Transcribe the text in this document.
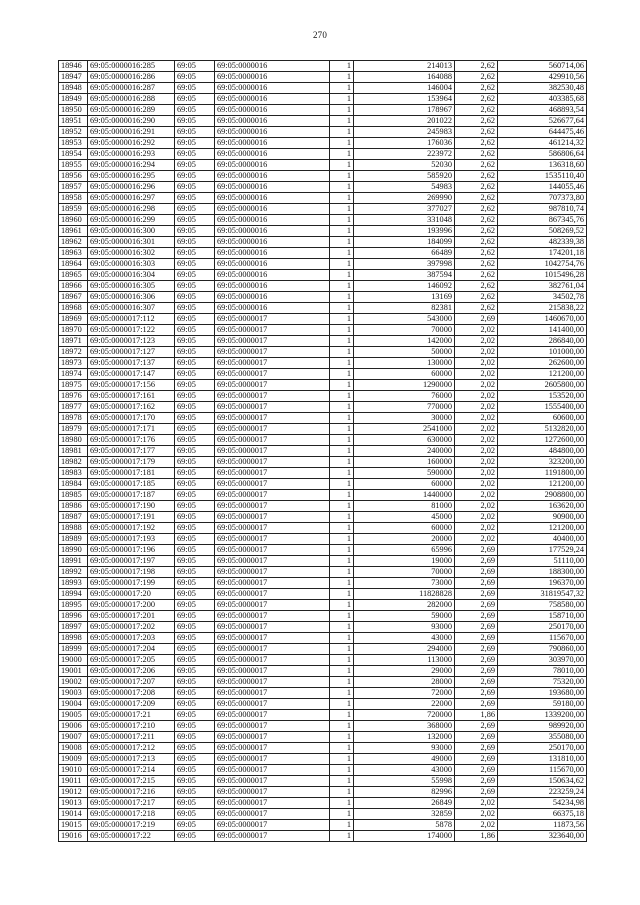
270
18946	69:05:0000016:285	69:05	69:05:0000016	1	214013	2,62	560714,06
18947	69:05:0000016:286	69:05	69:05:0000016	1	164088	2,62	429910,56
18948	69:05:0000016:287	69:05	69:05:0000016	1	146004	2,62	382530,48
18949	69:05:0000016:288	69:05	69:05:0000016	1	153964	2,62	403385,68
18950	69:05:0000016:289	69:05	69:05:0000016	1	178967	2,62	468893,54
18951	69:05:0000016:290	69:05	69:05:0000016	1	201022	2,62	526677,64
18952	69:05:0000016:291	69:05	69:05:0000016	1	245983	2,62	644475,46
18953	69:05:0000016:292	69:05	69:05:0000016	1	176036	2,62	461214,32
18954	69:05:0000016:293	69:05	69:05:0000016	1	223972	2,62	586806,64
18955	69:05:0000016:294	69:05	69:05:0000016	1	52030	2,62	136318,60
18956	69:05:0000016:295	69:05	69:05:0000016	1	585920	2,62	1535110,40
18957	69:05:0000016:296	69:05	69:05:0000016	1	54983	2,62	144055,46
18958	69:05:0000016:297	69:05	69:05:0000016	1	269990	2,62	707373,80
18959	69:05:0000016:298	69:05	69:05:0000016	1	377027	2,62	987810,74
18960	69:05:0000016:299	69:05	69:05:0000016	1	331048	2,62	867345,76
18961	69:05:0000016:300	69:05	69:05:0000016	1	193996	2,62	508269,52
18962	69:05:0000016:301	69:05	69:05:0000016	1	184099	2,62	482339,38
18963	69:05:0000016:302	69:05	69:05:0000016	1	66489	2,62	174201,18
18964	69:05:0000016:303	69:05	69:05:0000016	1	397998	2,62	1042754,76
18965	69:05:0000016:304	69:05	69:05:0000016	1	387594	2,62	1015496,28
18966	69:05:0000016:305	69:05	69:05:0000016	1	146092	2,62	382761,04
18967	69:05:0000016:306	69:05	69:05:0000016	1	13169	2,62	34502,78
18968	69:05:0000016:307	69:05	69:05:0000016	1	82381	2,62	215838,22
18969	69:05:0000017:112	69:05	69:05:0000017	1	543000	2,69	1460670,00
18970	69:05:0000017:122	69:05	69:05:0000017	1	70000	2,02	141400,00
18971	69:05:0000017:123	69:05	69:05:0000017	1	142000	2,02	286840,00
18972	69:05:0000017:127	69:05	69:05:0000017	1	50000	2,02	101000,00
18973	69:05:0000017:137	69:05	69:05:0000017	1	130000	2,02	262600,00
18974	69:05:0000017:147	69:05	69:05:0000017	1	60000	2,02	121200,00
18975	69:05:0000017:156	69:05	69:05:0000017	1	1290000	2,02	2605800,00
18976	69:05:0000017:161	69:05	69:05:0000017	1	76000	2,02	153520,00
18977	69:05:0000017:162	69:05	69:05:0000017	1	770000	2,02	1555400,00
18978	69:05:0000017:170	69:05	69:05:0000017	1	30000	2,02	60600,00
18979	69:05:0000017:171	69:05	69:05:0000017	1	2541000	2,02	5132820,00
18980	69:05:0000017:176	69:05	69:05:0000017	1	630000	2,02	1272600,00
18981	69:05:0000017:177	69:05	69:05:0000017	1	240000	2,02	484800,00
18982	69:05:0000017:179	69:05	69:05:0000017	1	160000	2,02	323200,00
18983	69:05:0000017:181	69:05	69:05:0000017	1	590000	2,02	1191800,00
18984	69:05:0000017:185	69:05	69:05:0000017	1	60000	2,02	121200,00
18985	69:05:0000017:187	69:05	69:05:0000017	1	1440000	2,02	2908800,00
18986	69:05:0000017:190	69:05	69:05:0000017	1	81000	2,02	163620,00
18987	69:05:0000017:191	69:05	69:05:0000017	1	45000	2,02	90900,00
18988	69:05:0000017:192	69:05	69:05:0000017	1	60000	2,02	121200,00
18989	69:05:0000017:193	69:05	69:05:0000017	1	20000	2,02	40400,00
18990	69:05:0000017:196	69:05	69:05:0000017	1	65996	2,69	177529,24
18991	69:05:0000017:197	69:05	69:05:0000017	1	19000	2,69	51110,00
18992	69:05:0000017:198	69:05	69:05:0000017	1	70000	2,69	188300,00
18993	69:05:0000017:199	69:05	69:05:0000017	1	73000	2,69	196370,00
18994	69:05:0000017:20	69:05	69:05:0000017	1	11828828	2,69	31819547,32
18995	69:05:0000017:200	69:05	69:05:0000017	1	282000	2,69	758580,00
18996	69:05:0000017:201	69:05	69:05:0000017	1	59000	2,69	158710,00
18997	69:05:0000017:202	69:05	69:05:0000017	1	93000	2,69	250170,00
18998	69:05:0000017:203	69:05	69:05:0000017	1	43000	2,69	115670,00
18999	69:05:0000017:204	69:05	69:05:0000017	1	294000	2,69	790860,00
19000	69:05:0000017:205	69:05	69:05:0000017	1	113000	2,69	303970,00
19001	69:05:0000017:206	69:05	69:05:0000017	1	29000	2,69	78010,00
19002	69:05:0000017:207	69:05	69:05:0000017	1	28000	2,69	75320,00
19003	69:05:0000017:208	69:05	69:05:0000017	1	72000	2,69	193680,00
19004	69:05:0000017:209	69:05	69:05:0000017	1	22000	2,69	59180,00
19005	69:05:0000017:21	69:05	69:05:0000017	1	720000	1,86	1339200,00
19006	69:05:0000017:210	69:05	69:05:0000017	1	368000	2,69	989920,00
19007	69:05:0000017:211	69:05	69:05:0000017	1	132000	2,69	355080,00
19008	69:05:0000017:212	69:05	69:05:0000017	1	93000	2,69	250170,00
19009	69:05:0000017:213	69:05	69:05:0000017	1	49000	2,69	131810,00
19010	69:05:0000017:214	69:05	69:05:0000017	1	43000	2,69	115670,00
19011	69:05:0000017:215	69:05	69:05:0000017	1	55998	2,69	150634,62
19012	69:05:0000017:216	69:05	69:05:0000017	1	82996	2,69	223259,24
19013	69:05:0000017:217	69:05	69:05:0000017	1	26849	2,02	54234,98
19014	69:05:0000017:218	69:05	69:05:0000017	1	32859	2,02	66375,18
19015	69:05:0000017:219	69:05	69:05:0000017	1	5878	2,02	11873,56
19016	69:05:0000017:22	69:05	69:05:0000017	1	174000	1,86	323640,00
